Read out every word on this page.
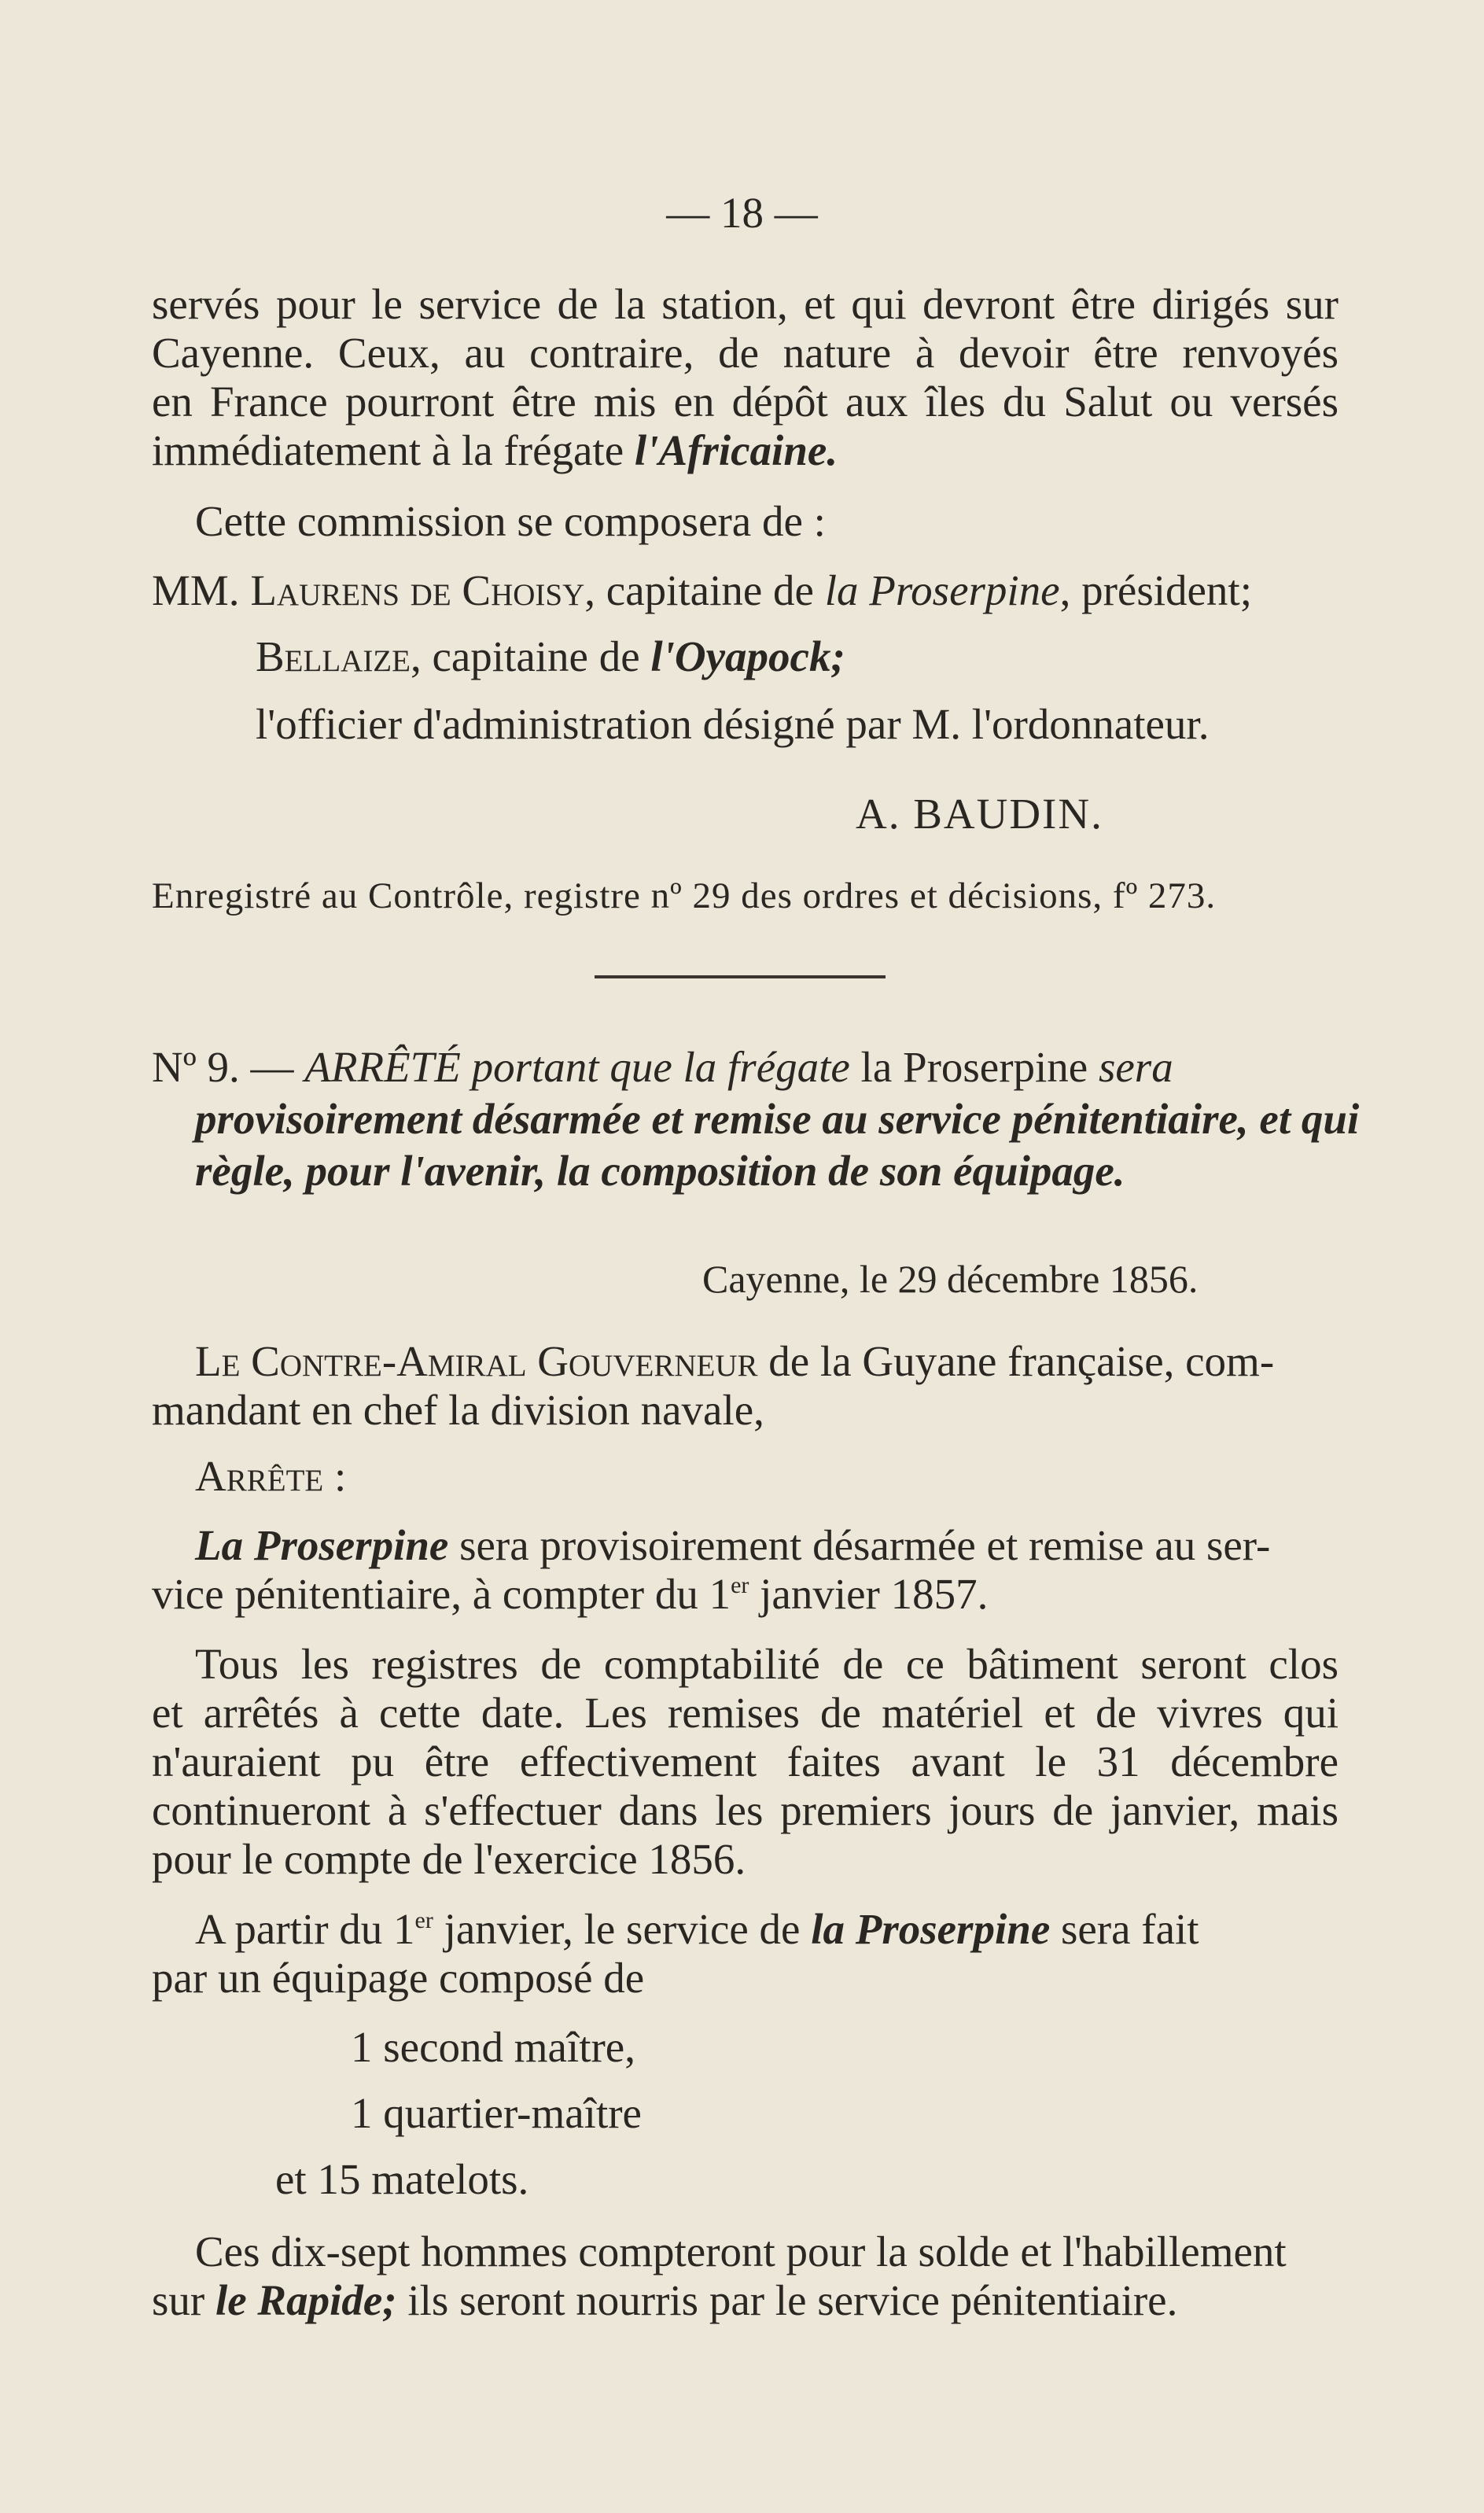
— 18 —
servés pour le service de la station, et qui devront être dirigés sur
Cayenne. Ceux, au contraire, de nature à devoir être renvoyés
en France pourront être mis en dépôt aux îles du Salut ou versés
immédiatement à la frégate l'Africaine.
Cette commission se composera de :
MM. Laurens de Choisy, capitaine de la Proserpine, président;
Bellaize, capitaine de l'Oyapock;
l'officier d'administration désigné par M. l'ordonnateur.
A. BAUDIN.
Enregistré au Contrôle, registre nº 29 des ordres et décisions, fº 273.
Nº 9. — ARRÊTÉ portant que la frégate la Proserpine sera
provisoirement désarmée et remise au service pénitentiaire, et qui
règle, pour l'avenir, la composition de son équipage.
Cayenne, le 29 décembre 1856.
Le Contre-Amiral Gouverneur de la Guyane française, com-
mandant en chef la division navale,
Arrête :
La Proserpine sera provisoirement désarmée et remise au ser-
vice pénitentiaire, à compter du 1er janvier 1857.
Tous les registres de comptabilité de ce bâtiment seront clos
et arrêtés à cette date. Les remises de matériel et de vivres qui
n'auraient pu être effectivement faites avant le 31 décembre
continueront à s'effectuer dans les premiers jours de janvier, mais
pour le compte de l'exercice 1856.
A partir du 1er janvier, le service de la Proserpine sera fait
par un équipage composé de
1 second maître,
1 quartier-maître
et 15 matelots.
Ces dix-sept hommes compteront pour la solde et l'habillement
sur le Rapide; ils seront nourris par le service pénitentiaire.
